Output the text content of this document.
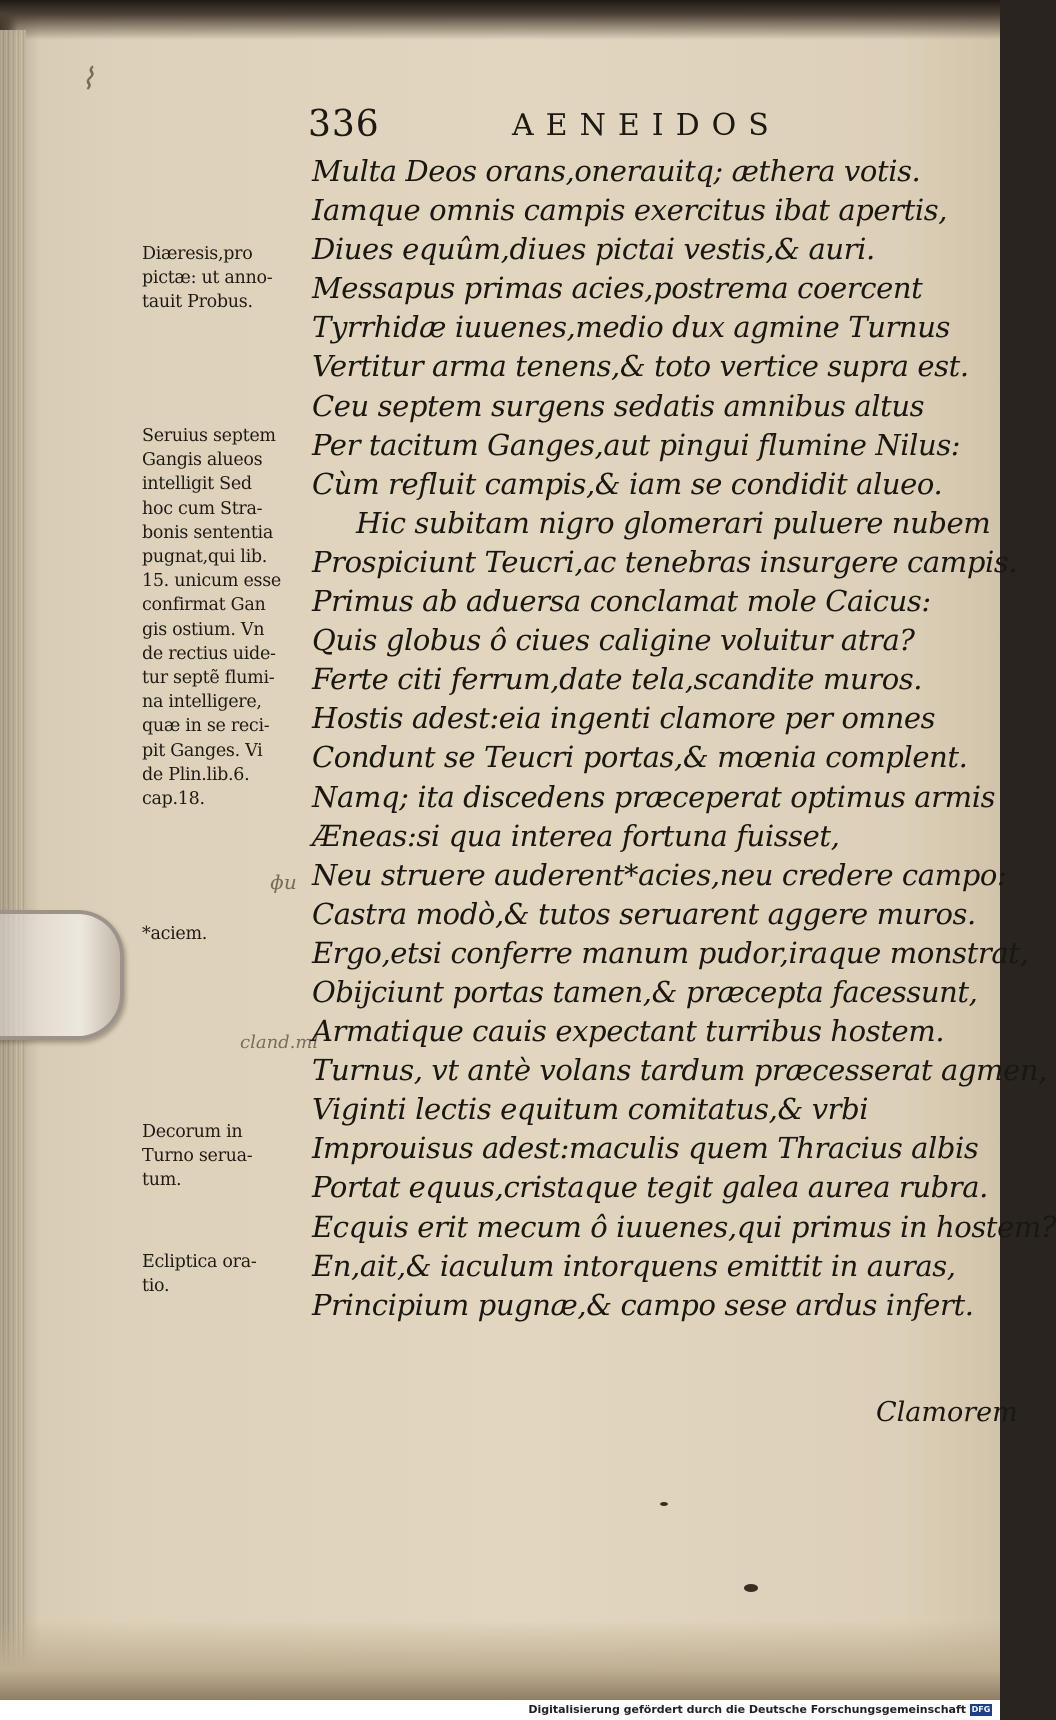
⌇
ɸu
cland.ml
336	AENEIDOS
Multa Deos orans,onerauitq; æthera votis.
Iamque omnis campis exercitus ibat apertis,
Diues equûm,diues pictai vestis,& auri.
Messapus primas acies,postrema coercent
Tyrrhidæ iuuenes,medio dux agmine Turnus
Vertitur arma tenens,& toto vertice supra est.
Ceu septem surgens sedatis amnibus altus
Per tacitum Ganges,aut pingui flumine Nilus:
Cùm refluit campis,& iam se condidit alueo.
Hic subitam nigro glomerari puluere nubem
Prospiciunt Teucri,ac tenebras insurgere campis.
Primus ab aduersa conclamat mole Caicus:
Quis globus ô ciues caligine voluitur atra?
Ferte citi ferrum,date tela,scandite muros.
Hostis adest:eia ingenti clamore per omnes
Condunt se Teucri portas,& mœnia complent.
Namq; ita discedens præceperat optimus armis
Æneas:si qua interea fortuna fuisset,
Neu struere auderent*acies,neu credere campo:
Castra modò,& tutos seruarent aggere muros.
Ergo,etsi conferre manum pudor,iraque monstrat,
Obijciunt portas tamen,& præcepta facessunt,
Armatique cauis expectant turribus hostem.
Turnus, vt antè volans tardum præcesserat agmen,
Viginti lectis equitum comitatus,& vrbi
Improuisus adest:maculis quem Thracius albis
Portat equus,cristaque tegit galea aurea rubra.
Ecquis erit mecum ô iuuenes,qui primus in hostem?
En,ait,& iaculum intorquens emittit in auras,
Principium pugnæ,& campo sese ardus infert.
Clamorem
Diæresis,pro
pictæ: ut anno-
tauit Probus.
Seruius septem
Gangis alueos
intelligit Sed
hoc cum Stra-
bonis sententia
pugnat,qui lib.
15. unicum esse
confirmat Gan
gis ostium. Vn
de rectius uide-
tur septẽ flumi-
na intelligere,
quæ in se reci-
pit Ganges. Vi
de Plin.lib.6.
cap.18.
*aciem.
Decorum in
Turno serua-
tum.
Ecliptica ora-
tio.
Digitalisierung gefördert durch die Deutsche Forschungsgemeinschaft DFG
